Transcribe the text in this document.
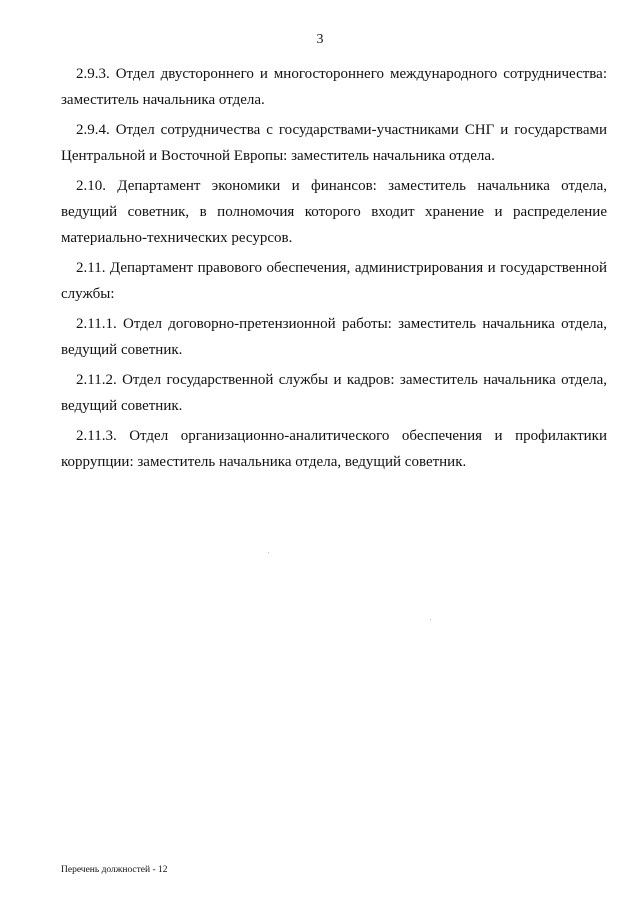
3

2.9.3. Отдел двустороннего и многостороннего международного сотрудничества: заместитель начальника отдела.

2.9.4. Отдел сотрудничества с государствами-участниками СНГ и государствами Центральной и Восточной Европы: заместитель начальника отдела.

2.10. Департамент экономики и финансов: заместитель начальника отдела, ведущий советник, в полномочия которого входит хранение и распределение материально-технических ресурсов.

2.11. Департамент правового обеспечения, администрирования и государственной службы:

2.11.1. Отдел договорно-претензионной работы: заместитель начальника отдела, ведущий советник.

2.11.2. Отдел государственной службы и кадров: заместитель начальника отдела, ведущий советник.

2.11.3. Отдел организационно-аналитического обеспечения и профилактики коррупции: заместитель начальника отдела, ведущий советник.

Перечень должностей - 12
